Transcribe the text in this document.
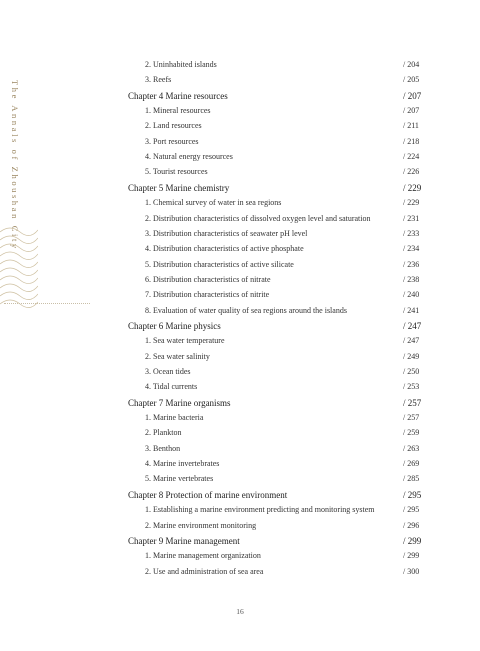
The Annals of Zhoushan City
2. Uninhabited islands	/ 204
3. Reefs	/ 205
Chapter 4 Marine resources	/ 207
1. Mineral resources	/ 207
2. Land resources	/ 211
3. Port resources	/ 218
4. Natural energy resources	/ 224
5. Tourist resources	/ 226
Chapter 5 Marine chemistry	/ 229
1. Chemical survey of water in sea regions	/ 229
2. Distribution characteristics of dissolved oxygen level and saturation	/ 231
3. Distribution characteristics of seawater pH level	/ 233
4. Distribution characteristics of active phosphate	/ 234
5. Distribution characteristics of active silicate	/ 236
6. Distribution characteristics of nitrate	/ 238
7. Distribution characteristics of nitrite	/ 240
8. Evaluation of water quality of sea regions around the islands	/ 241
Chapter 6 Marine physics	/ 247
1. Sea water temperature	/ 247
2. Sea water salinity	/ 249
3. Ocean tides	/ 250
4. Tidal currents	/ 253
Chapter 7 Marine organisms	/ 257
1. Marine bacteria	/ 257
2. Plankton	/ 259
3. Benthon	/ 263
4. Marine invertebrates	/ 269
5. Marine vertebrates	/ 285
Chapter 8 Protection of marine environment	/ 295
1. Establishing a marine environment predicting and monitoring system	/ 295
2. Marine environment monitoring	/ 296
Chapter 9 Marine management	/ 299
1. Marine management organization	/ 299
2. Use and administration of sea area	/ 300
16
